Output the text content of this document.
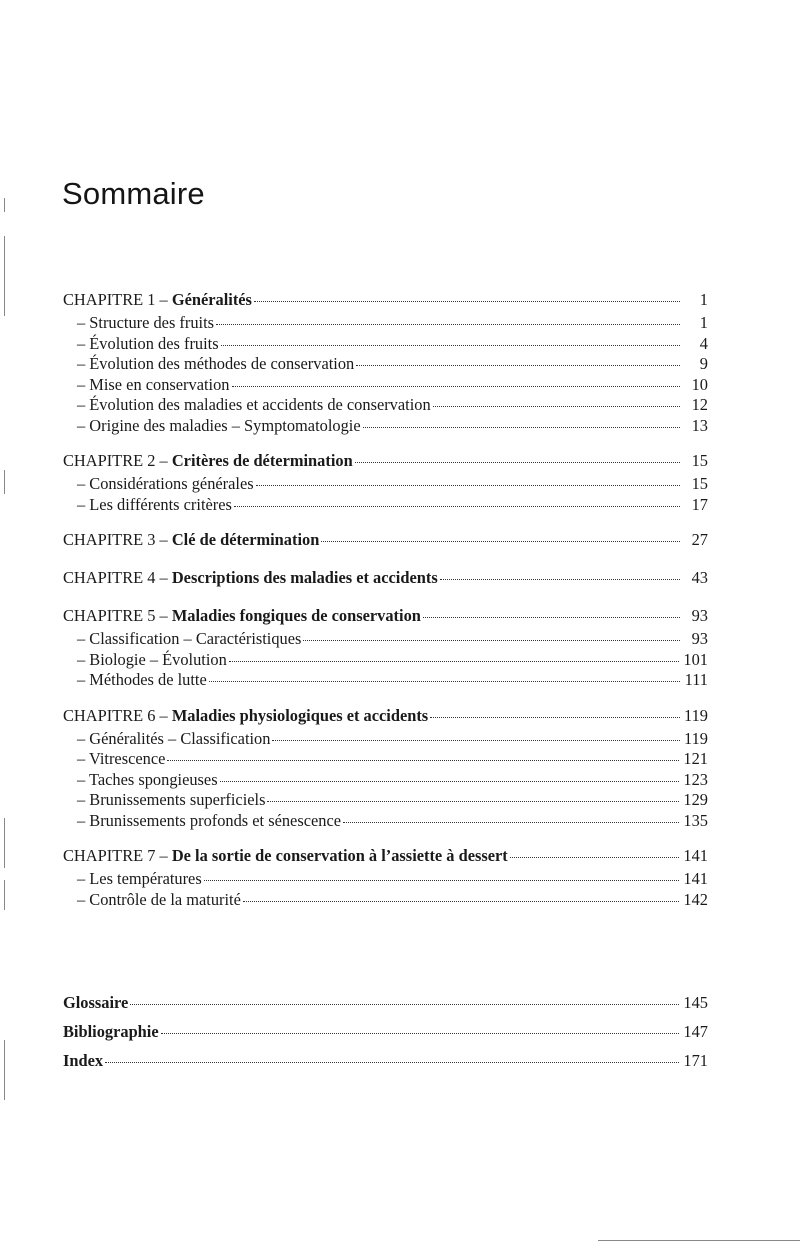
Sommaire
CHAPITRE 1 – Généralités	1
– Structure des fruits	1
– Évolution des fruits	4
– Évolution des méthodes de conservation	9
– Mise en conservation	10
– Évolution des maladies et accidents de conservation	12
– Origine des maladies – Symptomatologie	13
CHAPITRE 2 – Critères de détermination	15
– Considérations générales	15
– Les différents critères	17
CHAPITRE 3 – Clé de détermination	27
CHAPITRE 4 – Descriptions des maladies et accidents	43
CHAPITRE 5 – Maladies fongiques de conservation	93
– Classification – Caractéristiques	93
– Biologie – Évolution	101
– Méthodes de lutte	111
CHAPITRE 6 – Maladies physiologiques et accidents	119
– Généralités – Classification	119
– Vitrescence	121
– Taches spongieuses	123
– Brunissements superficiels	129
– Brunissements profonds et sénescence	135
CHAPITRE 7 – De la sortie de conservation à l’assiette à dessert	141
– Les températures	141
– Contrôle de la maturité	142
Glossaire	145
Bibliographie	147
Index	171
